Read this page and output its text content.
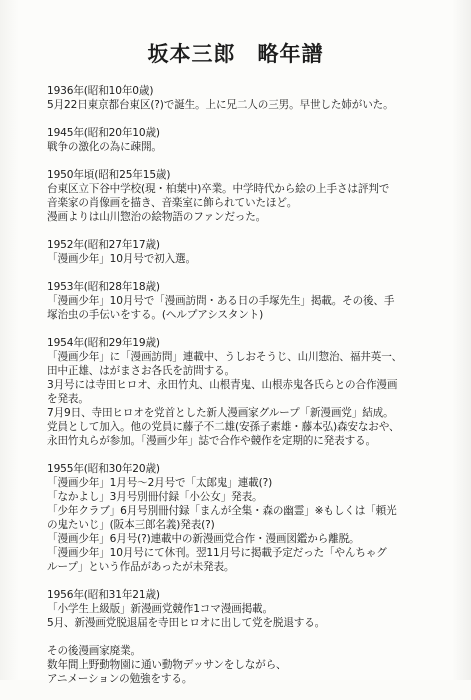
坂本三郎　略年譜
1936年(昭和10年0歳)
5月22日東京都台東区(?)で誕生。上に兄二人の三男。早世した姉がいた。
1945年(昭和20年10歳)
戦争の激化の為に疎開。
1950年頃(昭和25年15歳)
台東区立下谷中学校(現・柏葉中)卒業。中学時代から絵の上手さは評判で
音楽家の肖像画を描き、音楽室に飾られていたほど。
漫画よりは山川惣治の絵物語のファンだった。
1952年(昭和27年17歳)
「漫画少年」10月号で初入選。
1953年(昭和28年18歳)
「漫画少年」10月号で「漫画訪問・ある日の手塚先生」掲載。その後、手
塚治虫の手伝いをする。(ヘルプアシスタント)
1954年(昭和29年19歳)
「漫画少年」に「漫画訪問」連載中、うしおそうじ、山川惣治、福井英一、
田中正雄、はがまさお各氏を訪問する。
3月号には寺田ヒロオ、永田竹丸、山根青鬼、山根赤鬼各氏らとの合作漫画
を発表。
7月9日、寺田ヒロオを党首とした新人漫画家グループ「新漫画党」結成。
党員として加入。他の党員に藤子不二雄(安孫子素雄・藤本弘)森安なおや、
永田竹丸らが参加。「漫画少年」誌で合作や競作を定期的に発表する。
1955年(昭和30年20歳)
「漫画少年」1月号〜2月号で「太郎鬼」連載(?)
「なかよし」3月号別冊付録「小公女」発表。
「少年クラブ」6月号別冊付録「まんが全集・森の幽霊」※もしくは「頼光
の鬼たいじ」(阪本三郎名義)発表(?)
「漫画少年」6月号(?)連載中の新漫画党合作・漫画図鑑から離脱。
「漫画少年」10月号にて休刊。翌11月号に掲載予定だった「やんちゃグ
ループ」という作品があったが未発表。
1956年(昭和31年21歳)
「小学生上級版」新漫画党競作1コマ漫画掲載。
5月、新漫画党脱退届を寺田ヒロオに出して党を脱退する。
その後漫画家廃業。
数年間上野動物園に通い動物デッサンをしながら、
アニメーションの勉強をする。
